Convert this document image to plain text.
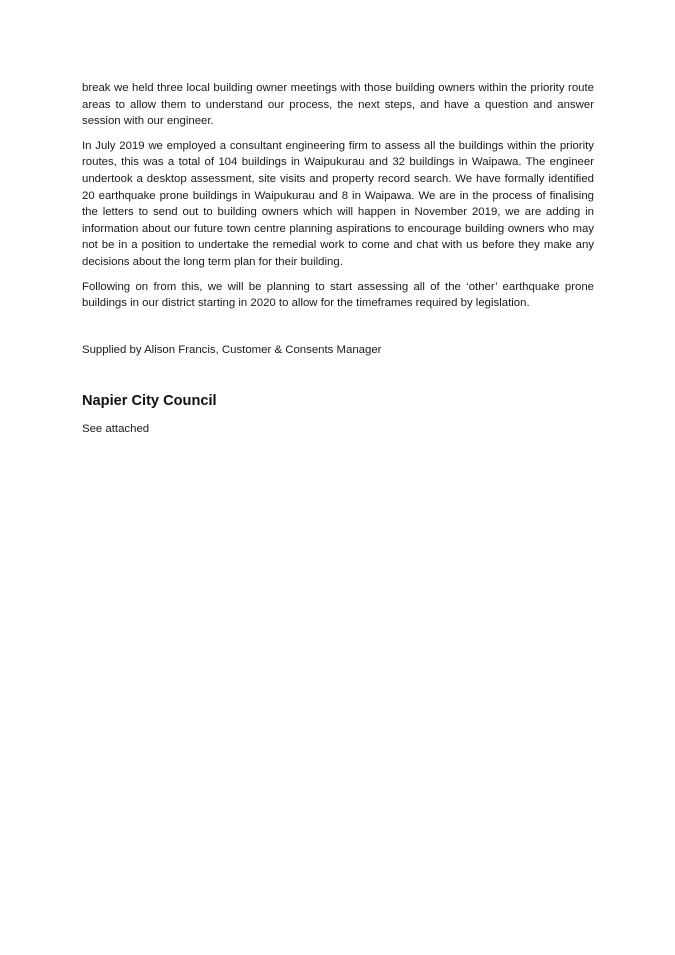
break we held three local building owner meetings with those building owners within the priority route areas to allow them to understand our process, the next steps, and have a question and answer session with our engineer.

In July 2019 we employed a consultant engineering firm to assess all the buildings within the priority routes, this was a total of 104 buildings in Waipukurau and 32 buildings in Waipawa. The engineer undertook a desktop assessment, site visits and property record search. We have formally identified 20 earthquake prone buildings in Waipukurau and 8 in Waipawa. We are in the process of finalising the letters to send out to building owners which will happen in November 2019, we are adding in information about our future town centre planning aspirations to encourage building owners who may not be in a position to undertake the remedial work to come and chat with us before they make any decisions about the long term plan for their building.

Following on from this, we will be planning to start assessing all of the ‘other’ earthquake prone buildings in our district starting in 2020 to allow for the timeframes required by legislation.

Supplied by Alison Francis, Customer & Consents Manager

Napier City Council

See attached
